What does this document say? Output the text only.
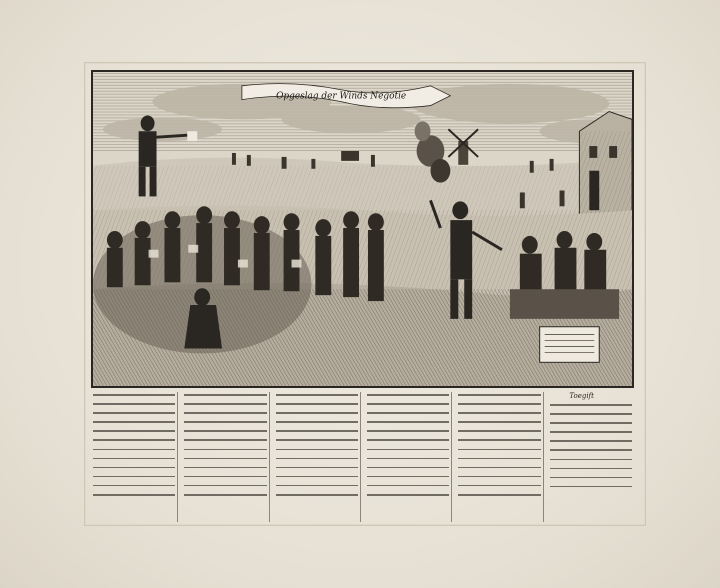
Opgeslag der Winds Negotie
Toegift
